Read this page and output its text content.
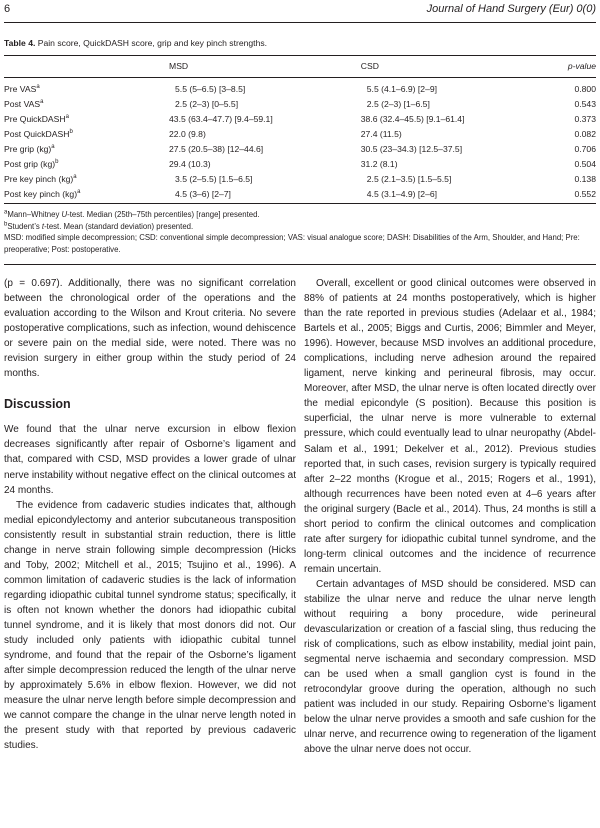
6	Journal of Hand Surgery (Eur) 0(0)
Table 4. Pain score, QuickDASH score, grip and key pinch strengths.
	MSD	CSD	p-value
Pre VAS$^a$	5.5 (5–6.5) [3–8.5]	5.5 (4.1–6.9) [2–9]	0.800
Post VAS$^a$	2.5 (2–3) [0–5.5]	2.5 (2–3) [1–6.5]	0.543
Pre QuickDASH$^a$	43.5 (63.4–47.7) [9.4–59.1]	38.6 (32.4–45.5) [9.1–61.4]	0.373
Post QuickDASH$^b$	22.0 (9.8)	27.4 (11.5)	0.082
Pre grip (kg)$^a$	27.5 (20.5–38) [12–44.6]	30.5 (23–34.3) [12.5–37.5]	0.706
Post grip (kg)$^b$	29.4 (10.3)	31.2 (8.1)	0.504
Pre key pinch (kg)$^a$	3.5 (2–5.5) [1.5–6.5]	2.5 (2.1–3.5) [1.5–5.5]	0.138
Post key pinch (kg)$^a$	4.5 (3–6) [2–7]	4.5 (3.1–4.9) [2–6]	0.552

$^a$Mann–Whitney U-test. Median (25th–75th percentiles) [range] presented.

$^b$Student’s t-test. Mean (standard deviation) presented.

MSD: modified simple decompression; CSD: conventional simple decompression; VAS: visual analogue score; DASH: Disabilities of the Arm, Shoulder, and Hand; Pre: preoperative; Post: postoperative.

(p = 0.697). Additionally, there was no significant correlation between the chronological order of the operations and the evaluation according to the Wilson and Krout criteria. No severe postoperative complications, such as infection, wound dehiscence or severe pain on the medial side, were noted. There was no revision surgery in either group within the study period of 24 months.

Discussion

We found that the ulnar nerve excursion in elbow flexion decreases significantly after repair of Osborne’s ligament and that, compared with CSD, MSD provides a lower grade of ulnar nerve instability without negative effect on the clinical outcomes at 24 months.

The evidence from cadaveric studies indicates that, although medial epicondylectomy and anterior subcutaneous transposition consistently result in substantial strain reduction, there is little change in nerve strain following simple decompression (Hicks and Toby, 2002; Mitchell et al., 2015; Tsujino et al., 1996). A common limitation of cadaveric studies is the lack of information regarding idiopathic cubital tunnel syndrome status; specifically, it is often not known whether the donors had idiopathic cubital tunnel syndrome, and it is likely that most donors did not. Our study included only patients with idiopathic cubital tunnel syndrome, and found that the repair of the Osborne’s ligament after simple decompression reduced the length of the ulnar nerve by approximately 5.6% in elbow flexion. However, we did not measure the ulnar nerve length before simple decompression and we cannot compare the change in the ulnar nerve length noted in the present study with that reported by previous cadaveric studies.

Overall, excellent or good clinical outcomes were observed in 88% of patients at 24 months postoperatively, which is higher than the rate reported in previous studies (Adelaar et al., 1984; Bartels et al., 2005; Biggs and Curtis, 2006; Bimmler and Meyer, 1996). However, because MSD involves an additional procedure, complications, including nerve adhesion around the repaired ligament, nerve kinking and perineural fibrosis, may occur. Moreover, after MSD, the ulnar nerve is often located directly over the medial epicondyle (S position). Because this position is superficial, the ulnar nerve is more vulnerable to external pressure, which could eventually lead to ulnar neuropathy (Abdel-Salam et al., 1991; Dekelver et al., 2012). Previous studies reported that, in such cases, revision surgery is typically required after 2–22 months (Krogue et al., 2015; Rogers et al., 1991), although recurrences have been noted even at 4–6 years after the original surgery (Bacle et al., 2014). Thus, 24 months is still a short period to confirm the clinical outcomes and complication rate after surgery for idiopathic cubital tunnel syndrome, and the long-term clinical outcomes and the incidence of recurrence remain uncertain.

Certain advantages of MSD should be considered. MSD can stabilize the ulnar nerve and reduce the ulnar nerve length without requiring a bony procedure, wide perineural devascularization or creation of a fascial sling, thus reducing the risk of complications, such as elbow instability, medial joint pain, segmental nerve ischaemia and secondary compression. MSD can be used when a small ganglion cyst is found in the retrocondylar groove during the operation, although no such patient was included in our study. Repairing Osborne’s ligament below the ulnar nerve provides a smooth and safe cushion for the ulnar nerve, and recurrence owing to regeneration of the ligament above the ulnar nerve does not occur.
